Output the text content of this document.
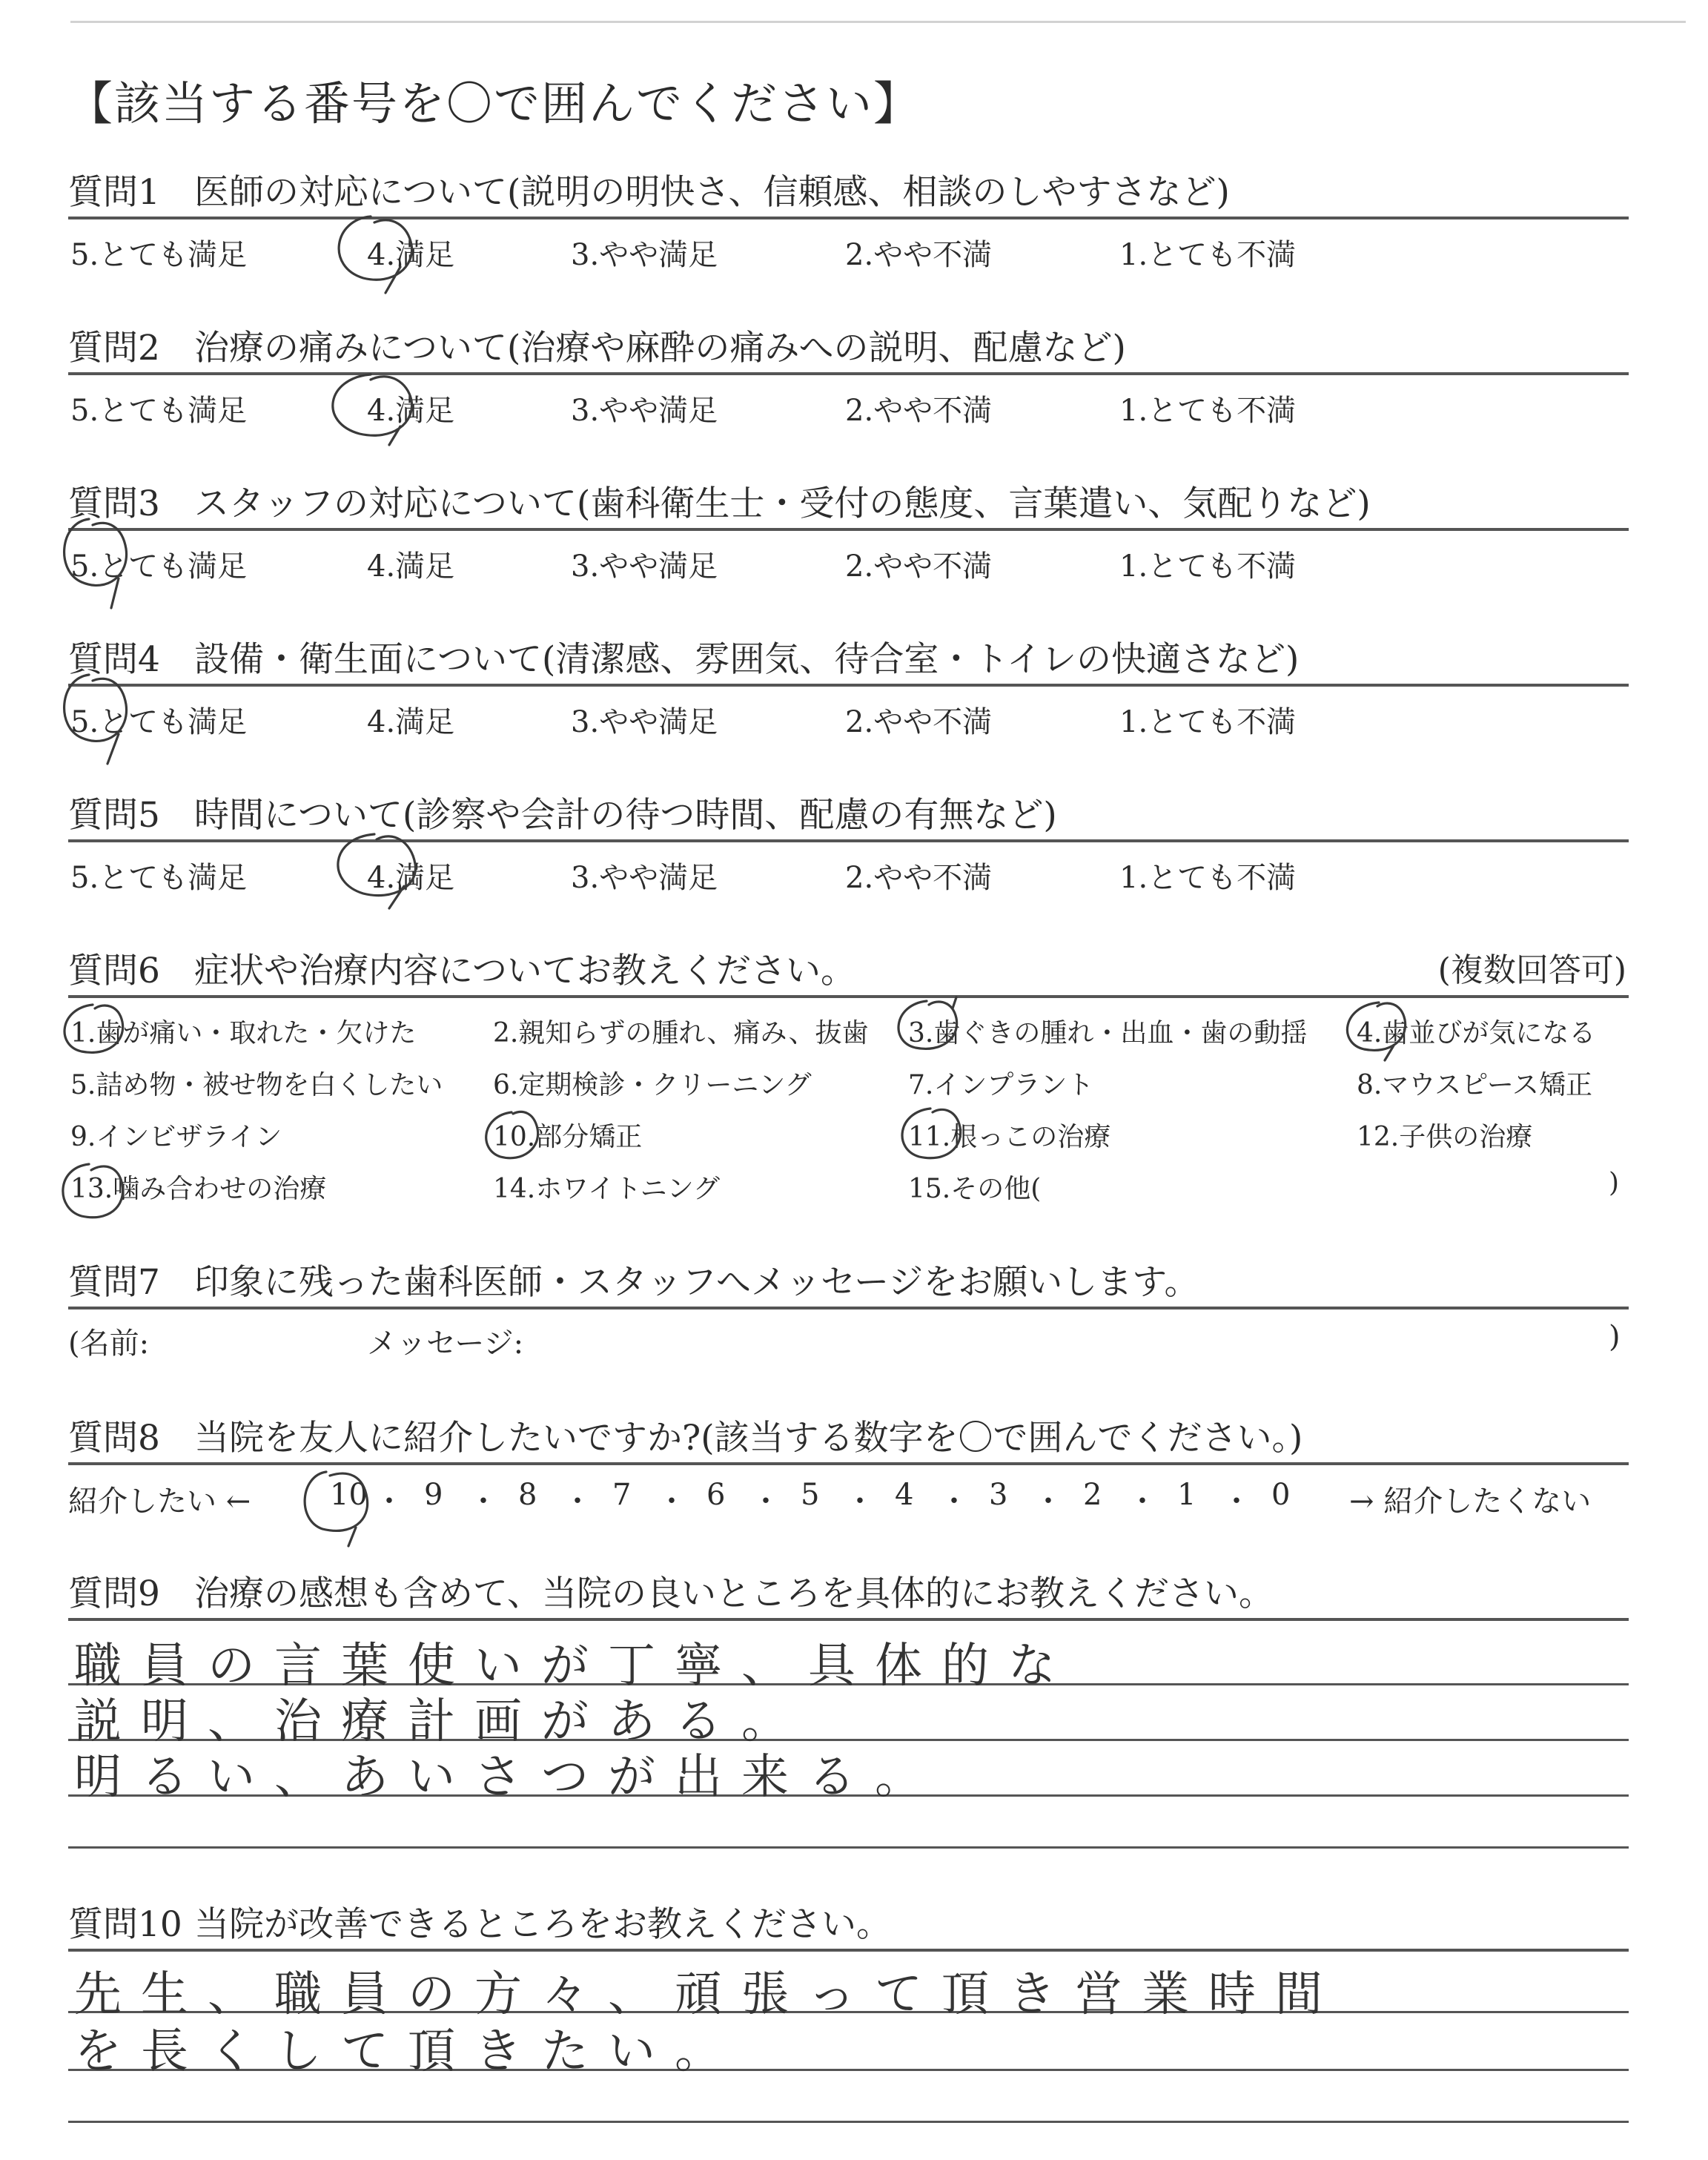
【該当する番号を〇で囲んでください】
質問1 医師の対応について(説明の明快さ、信頼感、相談のしやすさなど)
5.とても満足	4.満足	3.やや満足	2.やや不満	1.とても不満
質問2 治療の痛みについて(治療や麻酔の痛みへの説明、配慮など)
5.とても満足	4.満足	3.やや満足	2.やや不満	1.とても不満
質問3 スタッフの対応について(歯科衛生士・受付の態度、言葉遣い、気配りなど)
5.とても満足	4.満足	3.やや満足	2.やや不満	1.とても不満
質問4 設備・衛生面について(清潔感、雰囲気、待合室・トイレの快適さなど)
5.とても満足	4.満足	3.やや満足	2.やや不満	1.とても不満
質問5 時間について(診察や会計の待つ時間、配慮の有無など)
5.とても満足	4.満足	3.やや満足	2.やや不満	1.とても不満
質問6 症状や治療内容についてお教えください。	(複数回答可)
1.歯が痛い・取れた・欠けた	2.親知らずの腫れ、痛み、抜歯 3.歯ぐきの腫れ・出血・歯の動揺 4.歯並びが気になる
5.詰め物・被せ物を白くしたい 6.定期検診・クリーニング	7.インプラント	8.マウスピース矯正
9.インビザライン	10.部分矯正	11.根っこの治療	12.子供の治療
13.噛み合わせの治療	14.ホワイトニング	15.その他(	)
質問7 印象に残った歯科医師・スタッフへメッセージをお願いします。
(名前:	メッセージ:	)
質問8 当院を友人に紹介したいですか?(該当する数字を〇で囲んでください。)
紹介したい ←	→ 紹介したくない
10 ・ 9 ・ 8 ・ 7 ・ 6 ・ 5 ・ 4 ・ 3 ・ 2 ・ 1 ・ 0
質問9 治療の感想も含めて、当院の良いところを具体的にお教えください。
職員の言葉使いが丁寧、具体的な
説明、治療計画がある。
明るい、あいさつが出来る。
質問10 当院が改善できるところをお教えください。
先生、職員の方々、頑張って頂き営業時間
を長くして頂きたい。
